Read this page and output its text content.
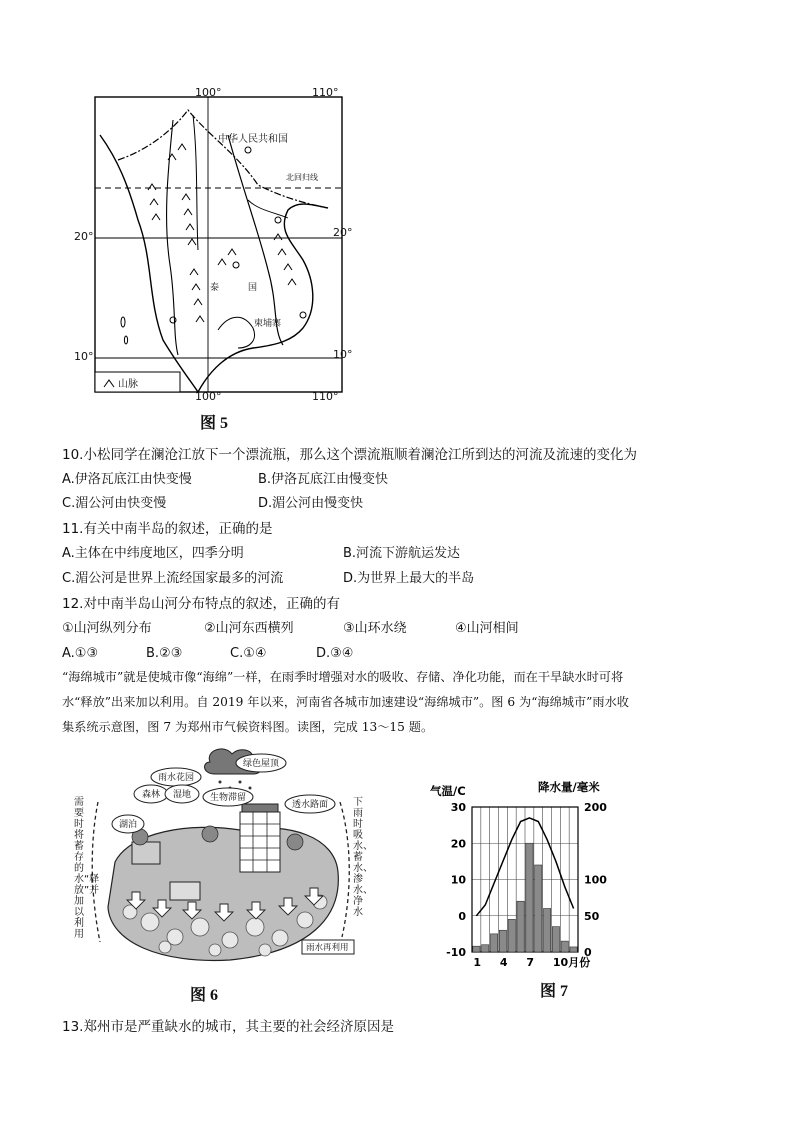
100°	110°
20°	20°
10°	10°
100°	110°
中华人民共和国
北回归线
泰	国
柬埔寨
山脉
图 5
10.小松同学在澜沧江放下一个漂流瓶，那么这个漂流瓶顺着澜沧江所到达的河流及流速的变化为
A.伊洛瓦底江由快变慢	B.伊洛瓦底江由慢变快
C.湄公河由快变慢	D.湄公河由慢变快
11.有关中南半岛的叙述，正确的是
A.主体在中纬度地区，四季分明	B.河流下游航运发达
C.湄公河是世界上流经国家最多的河流	D.为世界上最大的半岛
12.对中南半岛山河分布特点的叙述，正确的有
①山河纵列分布	②山河东西横列	③山环水绕	④山河相间
A.①③	B.②③	C.①④	D.③④
“海绵城市”就是使城市像“海绵”一样，在雨季时增强对水的吸收、存储、净化功能，而在干旱缺水时可将
水“释放”出来加以利用。自 2019 年以来，河南省各城市加速建设“海绵城市”。图 6 为“海绵城市”雨水收
集系统示意图，图 7 为郑州市气候资料图。读图，完成 13～15 题。
绿色屋顶
雨水花园
森林 湿地 生物滞留
透水路面
湖泊
需要时将蓄存的水“释放”并加以利用
下雨时吸水、蓄水、渗水、净水
雨水再利用
图 6
30
20
10
0
-10
200
100
50
0
1 4 7 10月份
气温/C	降水量/毫米
图 7
13.郑州市是严重缺水的城市，其主要的社会经济原因是
